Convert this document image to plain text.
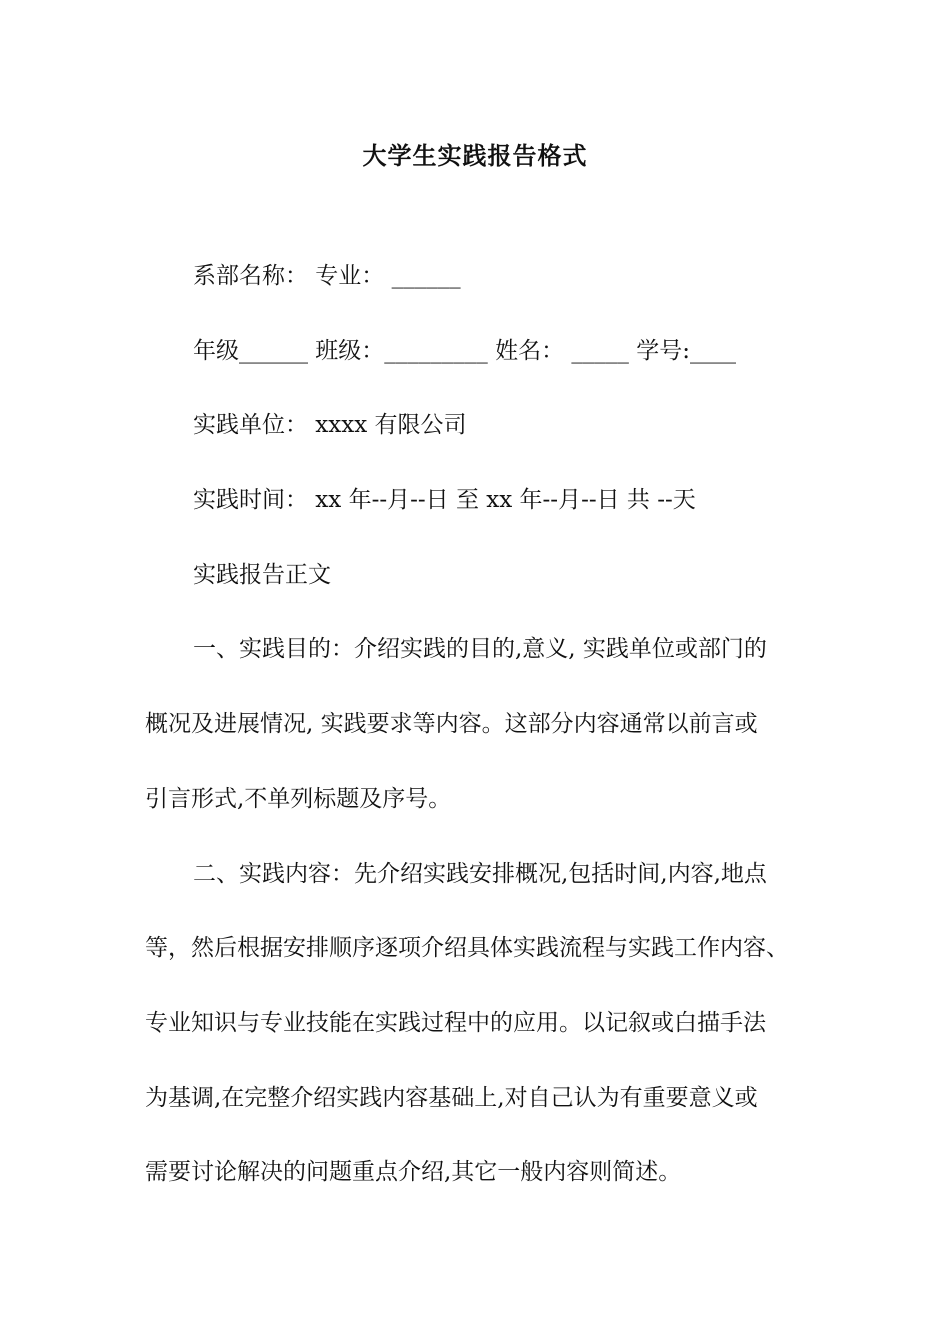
大学生实践报告格式
系部名称： 专业： ______
年级______ 班级：_________ 姓名： _____ 学号:____
实践单位： xxxx 有限公司
实践时间： xx 年--月--日 至 xx 年--月--日 共 --天
实践报告正文
一、实践目的：介绍实践的目的,意义, 实践单位或部门的
概况及进展情况, 实践要求等内容。这部分内容通常以前言或
引言形式,不单列标题及序号。
二、实践内容：先介绍实践安排概况,包括时间,内容,地点
等，然后根据安排顺序逐项介绍具体实践流程与实践工作内容、
专业知识与专业技能在实践过程中的应用。以记叙或白描手法
为基调,在完整介绍实践内容基础上,对自己认为有重要意义或
需要讨论解决的问题重点介绍,其它一般内容则简述。
